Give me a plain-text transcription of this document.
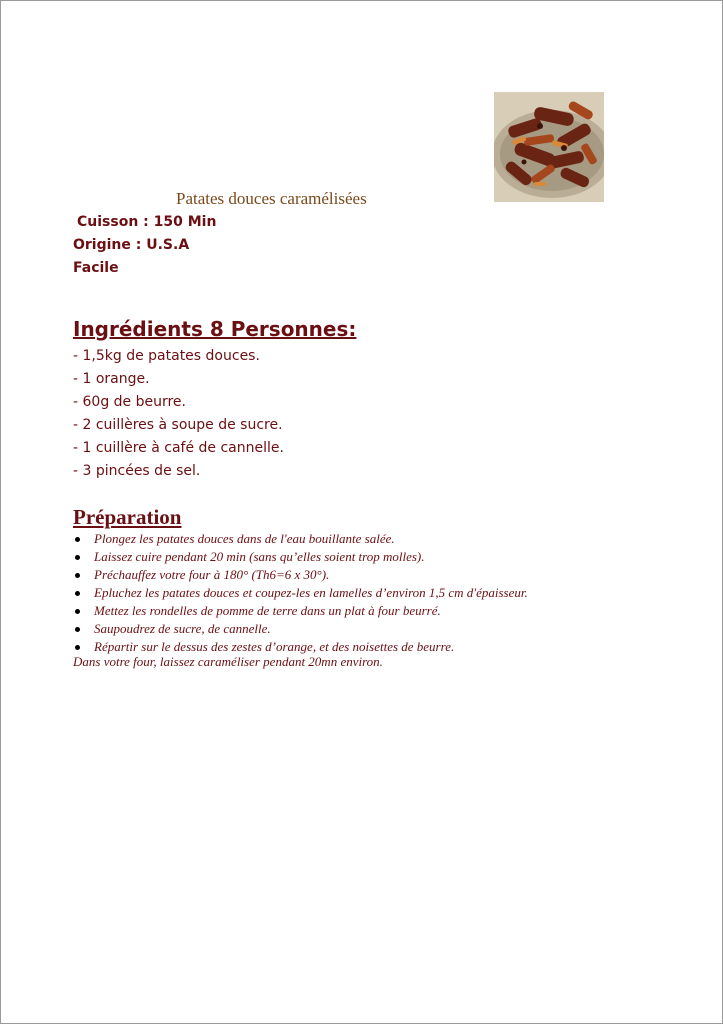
Patates douces caramélisées
Cuisson : 150 Min
Origine : U.S.A
Facile
Ingrédients 8 Personnes:
- 1,5kg de patates douces.
- 1 orange.
- 60g de beurre.
- 2 cuillères à soupe de sucre.
- 1 cuillère à café de cannelle.
- 3 pincées de sel.
Préparation
Plongez les patates douces dans de l'eau bouillante salée.
Laissez cuire pendant 20 min (sans qu’elles soient trop molles).
Préchauffez votre four à 180° (Th6=6 x 30°).
Epluchez les patates douces et coupez-les en lamelles d’environ 1,5 cm d'épaisseur.
Mettez les rondelles de pomme de terre dans un plat à four beurré.
Saupoudrez de sucre, de cannelle.
Répartir sur le dessus des zestes d’orange, et des noisettes de beurre.
Dans votre four, laissez caraméliser pendant 20mn environ.
